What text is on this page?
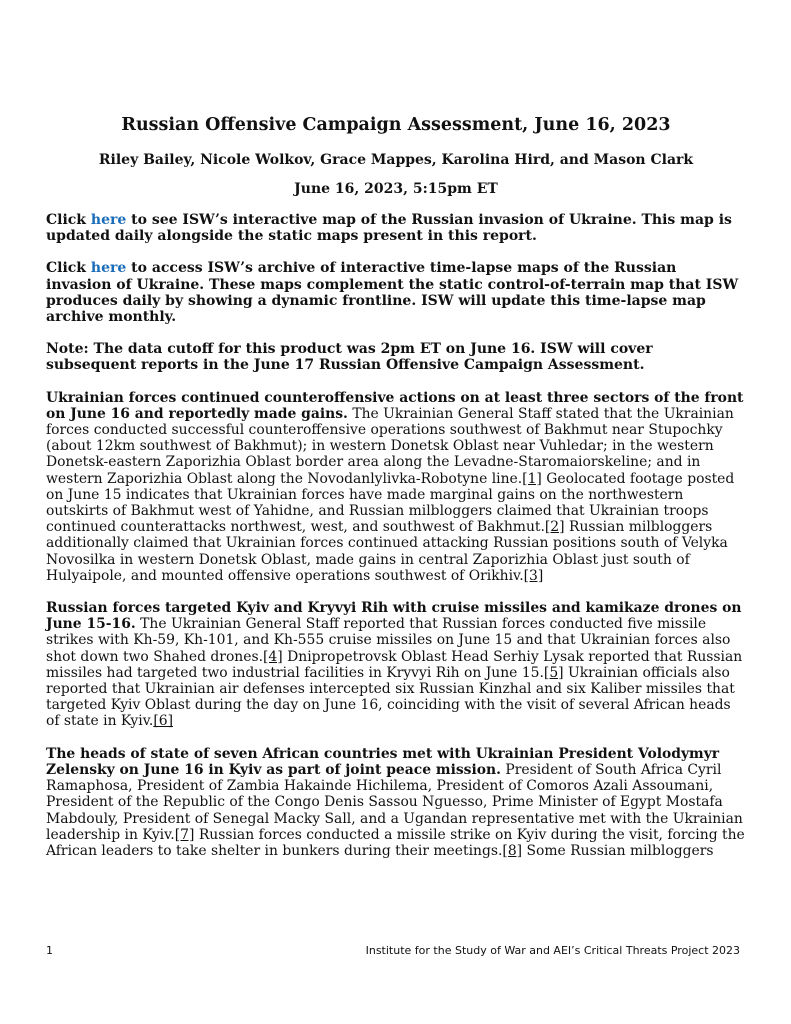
Russian Offensive Campaign Assessment, June 16, 2023
Riley Bailey, Nicole Wolkov, Grace Mappes, Karolina Hird, and Mason Clark
June 16, 2023, 5:15pm ET

Click here to see ISW’s interactive map of the Russian invasion of Ukraine. This map is updated daily alongside the static maps present in this report.

Click here to access ISW’s archive of interactive time-lapse maps of the Russian invasion of Ukraine. These maps complement the static control-of-terrain map that ISW produces daily by showing a dynamic frontline. ISW will update this time-lapse map archive monthly.

Note: The data cutoff for this product was 2pm ET on June 16. ISW will cover subsequent reports in the June 17 Russian Offensive Campaign Assessment.

Ukrainian forces continued counteroffensive actions on at least three sectors of the front on June 16 and reportedly made gains. The Ukrainian General Staff stated that the Ukrainian forces conducted successful counteroffensive operations southwest of Bakhmut near Stupochky (about 12km southwest of Bakhmut); in western Donetsk Oblast near Vuhledar; in the western Donetsk-eastern Zaporizhia Oblast border area along the Levadne-Staromaiorskeline; and in western Zaporizhia Oblast along the Novodanlylivka-Robotyne line.[1] Geolocated footage posted on June 15 indicates that Ukrainian forces have made marginal gains on the northwestern outskirts of Bakhmut west of Yahidne, and Russian milbloggers claimed that Ukrainian troops continued counterattacks northwest, west, and southwest of Bakhmut.[2] Russian milbloggers additionally claimed that Ukrainian forces continued attacking Russian positions south of Velyka Novosilka in western Donetsk Oblast, made gains in central Zaporizhia Oblast just south of Hulyaipole, and mounted offensive operations southwest of Orikhiv.[3]

Russian forces targeted Kyiv and Kryvyi Rih with cruise missiles and kamikaze drones on June 15-16. The Ukrainian General Staff reported that Russian forces conducted five missile strikes with Kh-59, Kh-101, and Kh-555 cruise missiles on June 15 and that Ukrainian forces also shot down two Shahed drones.[4] Dnipropetrovsk Oblast Head Serhiy Lysak reported that Russian missiles had targeted two industrial facilities in Kryvyi Rih on June 15.[5] Ukrainian officials also reported that Ukrainian air defenses intercepted six Russian Kinzhal and six Kaliber missiles that targeted Kyiv Oblast during the day on June 16, coinciding with the visit of several African heads of state in Kyiv.[6]

The heads of state of seven African countries met with Ukrainian President Volodymyr Zelensky on June 16 in Kyiv as part of joint peace mission. President of South Africa Cyril Ramaphosa, President of Zambia Hakainde Hichilema, President of Comoros Azali Assoumani, President of the Republic of the Congo Denis Sassou Nguesso, Prime Minister of Egypt Mostafa Mabdouly, President of Senegal Macky Sall, and a Ugandan representative met with the Ukrainian leadership in Kyiv.[7] Russian forces conducted a missile strike on Kyiv during the visit, forcing the African leaders to take shelter in bunkers during their meetings.[8] Some Russian milbloggers

1	Institute for the Study of War and AEI’s Critical Threats Project 2023
